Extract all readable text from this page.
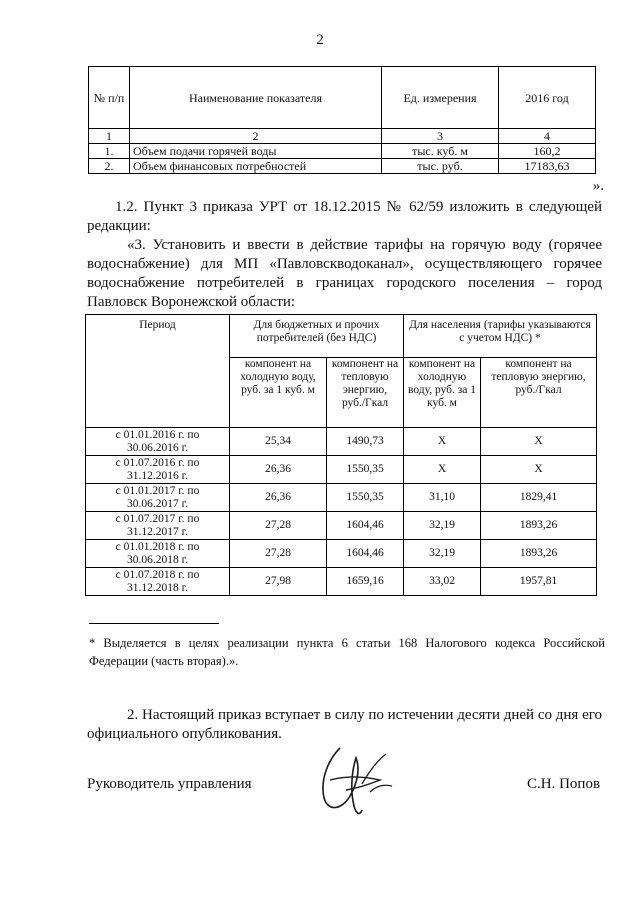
2
№ п/п	Наименование показателя	Ед. измерения	2016 год
1	2	3	4
1.	Объем подачи горячей воды	тыс. куб. м	160,2
2.	Объем финансовых потребностей	тыс. руб.	17183,63
».
1.2. Пункт 3 приказа УРТ от 18.12.2015 № 62/59 изложить в следующей редакции:
«3. Установить и ввести в действие тарифы на горячую воду (горячее водоснабжение) для МП «Павловскводоканал», осуществляющего горячее водоснабжение потребителей в границах городского поселения – город Павловск Воронежской области:
Период	Для бюджетных и прочих потребителей (без НДС)		Для населения (тарифы указываются с учетом НДС) *	
	компонент на холодную воду, руб. за 1 куб. м	компонент на тепловую энергию, руб./Гкал	компонент на холодную воду, руб. за 1 куб. м	компонент на тепловую энергию, руб./Гкал
с 01.01.2016 г. по 30.06.2016 г.	25,34	1490,73	Х	Х
с 01.07.2016 г. по 31.12.2016 г.	26,36	1550,35	Х	Х
с 01.01.2017 г. по 30.06.2017 г.	26,36	1550,35	31,10	1829,41
с 01.07.2017 г. по 31.12.2017 г.	27,28	1604,46	32,19	1893,26
с 01.01.2018 г. по 30.06.2018 г.	27,28	1604,46	32,19	1893,26
с 01.07.2018 г. по 31.12.2018 г.	27,98	1659,16	33,02	1957,81
* Выделяется в целях реализации пункта 6 статьи 168 Налогового кодекса Российской Федерации (часть вторая).».
2. Настоящий приказ вступает в силу по истечении десяти дней со дня его официального опубликования.
Руководитель управления	С.Н. Попов
